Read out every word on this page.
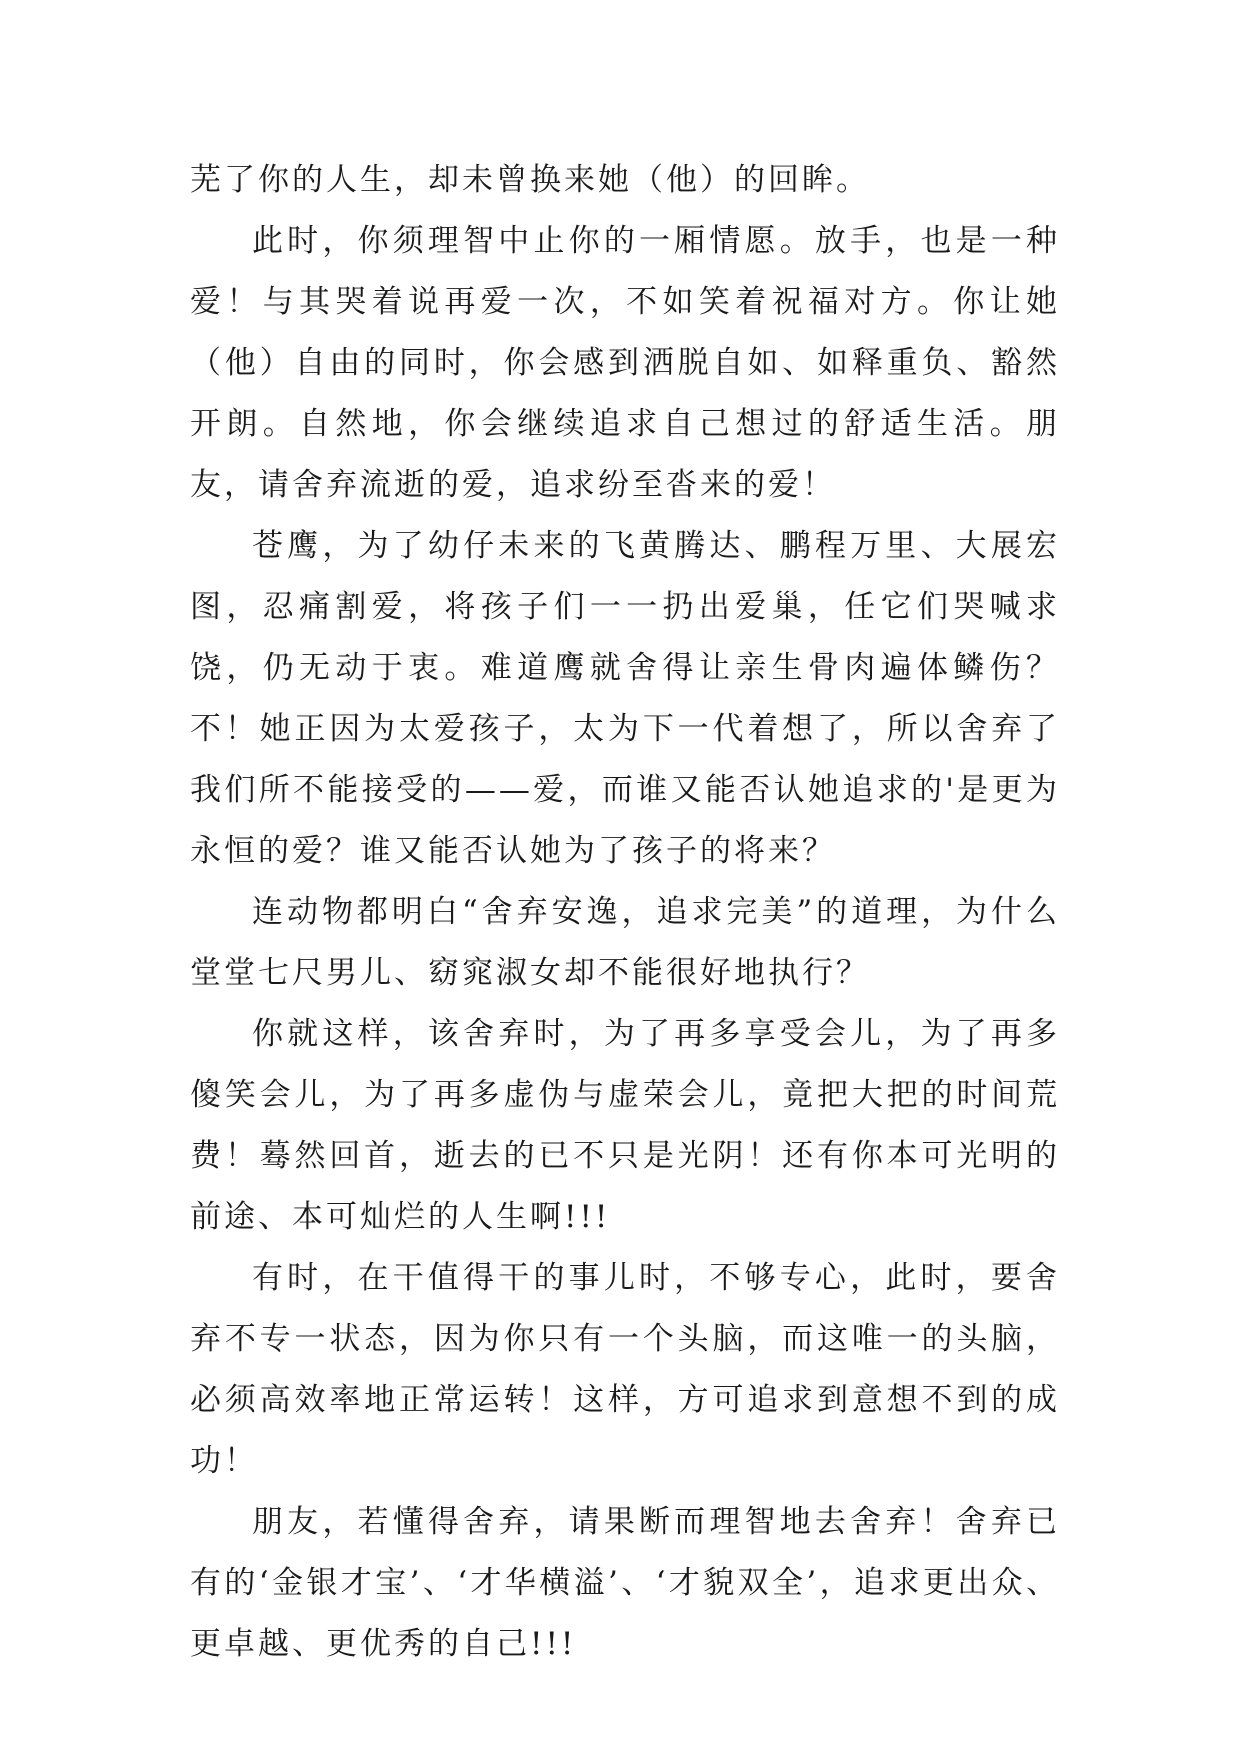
芜了你的人生，却未曾换来她（他）的回眸。

此时，你须理智中止你的一厢情愿。放手，也是一种爱！与其哭着说再爱一次，不如笑着祝福对方。你让她（他）自由的同时，你会感到洒脱自如、如释重负、豁然开朗。自然地，你会继续追求自己想过的舒适生活。朋友，请舍弃流逝的爱，追求纷至沓来的爱！

苍鹰，为了幼仔未来的飞黄腾达、鹏程万里、大展宏图，忍痛割爱，将孩子们一一扔出爱巢，任它们哭喊求饶，仍无动于衷。难道鹰就舍得让亲生骨肉遍体鳞伤？不！她正因为太爱孩子，太为下一代着想了，所以舍弃了我们所不能接受的——爱，而谁又能否认她追求的'是更为永恒的爱？谁又能否认她为了孩子的将来？

连动物都明白“舍弃安逸，追求完美”的道理，为什么堂堂七尺男儿、窈窕淑女却不能很好地执行？

你就这样，该舍弃时，为了再多享受会儿，为了再多傻笑会儿，为了再多虚伪与虚荣会儿，竟把大把的时间荒费！蓦然回首，逝去的已不只是光阴！还有你本可光明的前途、本可灿烂的人生啊!!!

有时，在干值得干的事儿时，不够专心，此时，要舍弃不专一状态，因为你只有一个头脑，而这唯一的头脑，必须高效率地正常运转！这样，方可追求到意想不到的成功！

朋友，若懂得舍弃，请果断而理智地去舍弃！舍弃已有的‘金银才宝’、‘才华横溢’、‘才貌双全’，追求更出众、更卓越、更优秀的自己!!!
